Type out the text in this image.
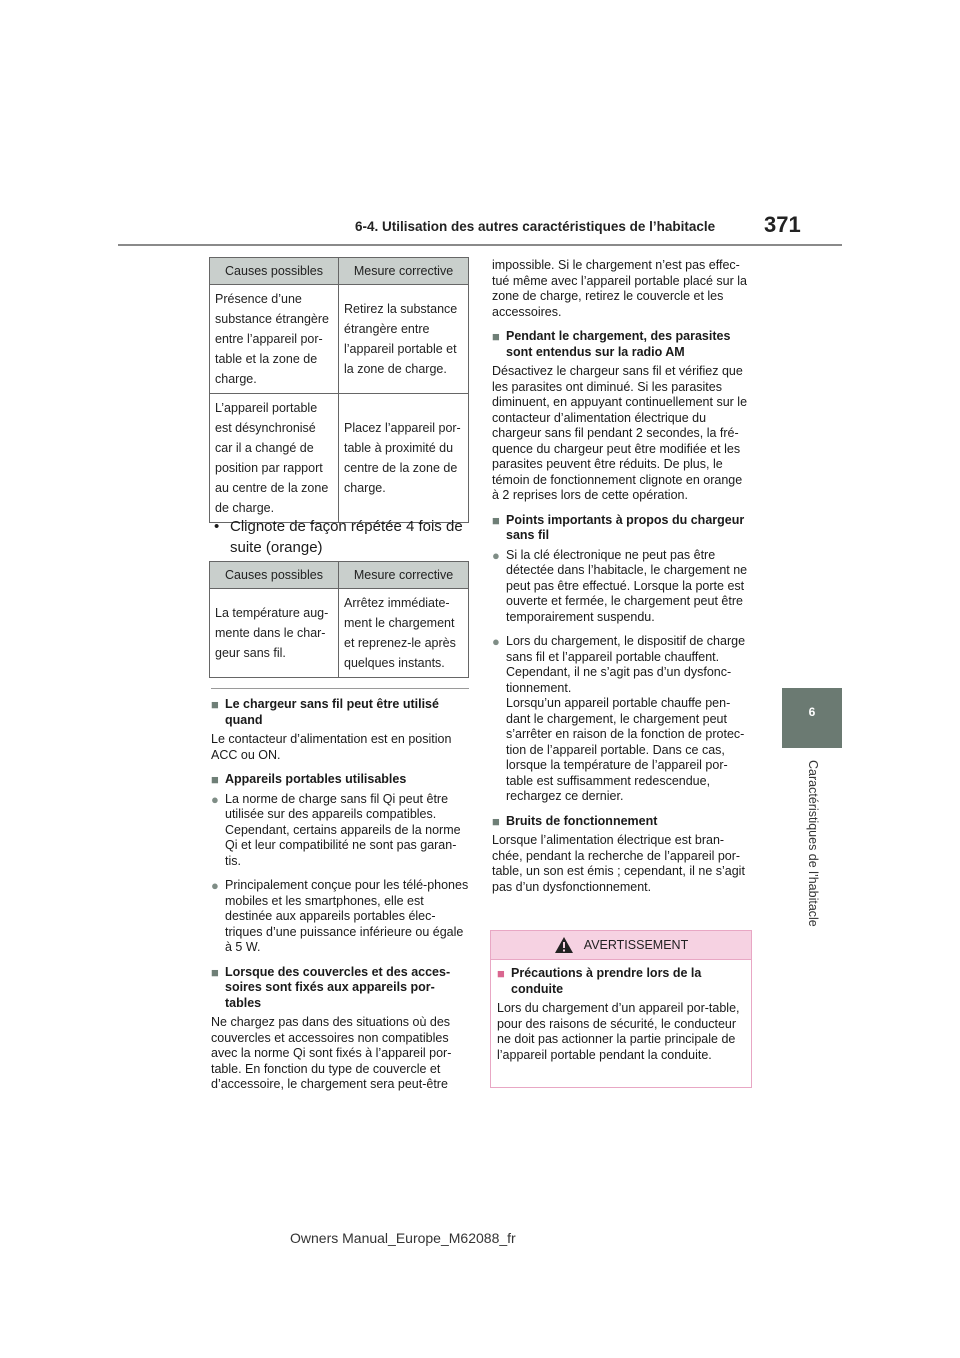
6-4. Utilisation des autres caractéristiques de l’habitacle 371
6
Caractéristiques de l’habitacle
Causes possibles	Mesure corrective
Présence d’une substance étrangère entre l’appareil por-table et la zone de charge.	Retirez la substance étrangère entre l’appareil portable et la zone de charge.
L’appareil portable est désynchronisé car il a changé de position par rapport au centre de la zone de charge.	Placez l’appareil por-table à proximité du centre de la zone de charge.
• Clignote de façon répétée 4 fois de suite (orange)
Causes possibles	Mesure corrective
La température aug-mente dans le char-geur sans fil.	Arrêtez immédiate-ment le chargement et reprenez-le après quelques instants.
■ Le chargeur sans fil peut être utilisé quand

Le contacteur d’alimentation est en position ACC ou ON.

■ Appareils portables utilisables
● La norme de charge sans fil Qi peut être utilisée sur des appareils compatibles. Cependant, certains appareils de la norme Qi et leur compatibilité ne sont pas garan-tis.
● Principalement conçue pour les télé-phones mobiles et les smartphones, elle est destinée aux appareils portables élec-triques d’une puissance inférieure ou égale à 5 W.
■ Lorsque des couvercles et des acces-soires sont fixés aux appareils por-tables

Ne chargez pas dans des situations où des couvercles et accessoires non compatibles avec la norme Qi sont fixés à l’appareil por-table. En fonction du type de couvercle et d’accessoire, le chargement sera peut-être

impossible. Si le chargement n’est pas effec-tué même avec l’appareil portable placé sur la zone de charge, retirez le couvercle et les accessoires.

■ Pendant le chargement, des parasites sont entendus sur la radio AM

Désactivez le chargeur sans fil et vérifiez que les parasites ont diminué. Si les parasites diminuent, en appuyant continuellement sur le contacteur d’alimentation électrique du chargeur sans fil pendant 2 secondes, la fré-quence du chargeur peut être modifiée et les parasites peuvent être réduits. De plus, le témoin de fonctionnement clignote en orange à 2 reprises lors de cette opération.

■ Points importants à propos du chargeur sans fil
● Si la clé électronique ne peut pas être détectée dans l’habitacle, le chargement ne peut pas être effectué. Lorsque la porte est ouverte et fermée, le chargement peut être temporairement suspendu.
● Lors du chargement, le dispositif de charge sans fil et l’appareil portable chauffent. Cependant, il ne s’agit pas d’un dysfonc-tionnement.
Lorsqu’un appareil portable chauffe pen-dant le chargement, le chargement peut s’arrêter en raison de la fonction de protec-tion de l’appareil portable. Dans ce cas, lorsque la température de l’appareil por-table est suffisamment redescendue, rechargez ce dernier.
■ Bruits de fonctionnement

Lorsque l’alimentation électrique est bran-chée, pendant la recherche de l’appareil por-table, un son est émis ; cependant, il ne s’agit pas d’un dysfonctionnement.

AVERTISSEMENT
■ Précautions à prendre lors de la conduite

Lors du chargement d’un appareil por-table, pour des raisons de sécurité, le conducteur ne doit pas actionner la partie principale de l’appareil portable pendant la conduite.

Owners Manual_Europe_M62088_fr
